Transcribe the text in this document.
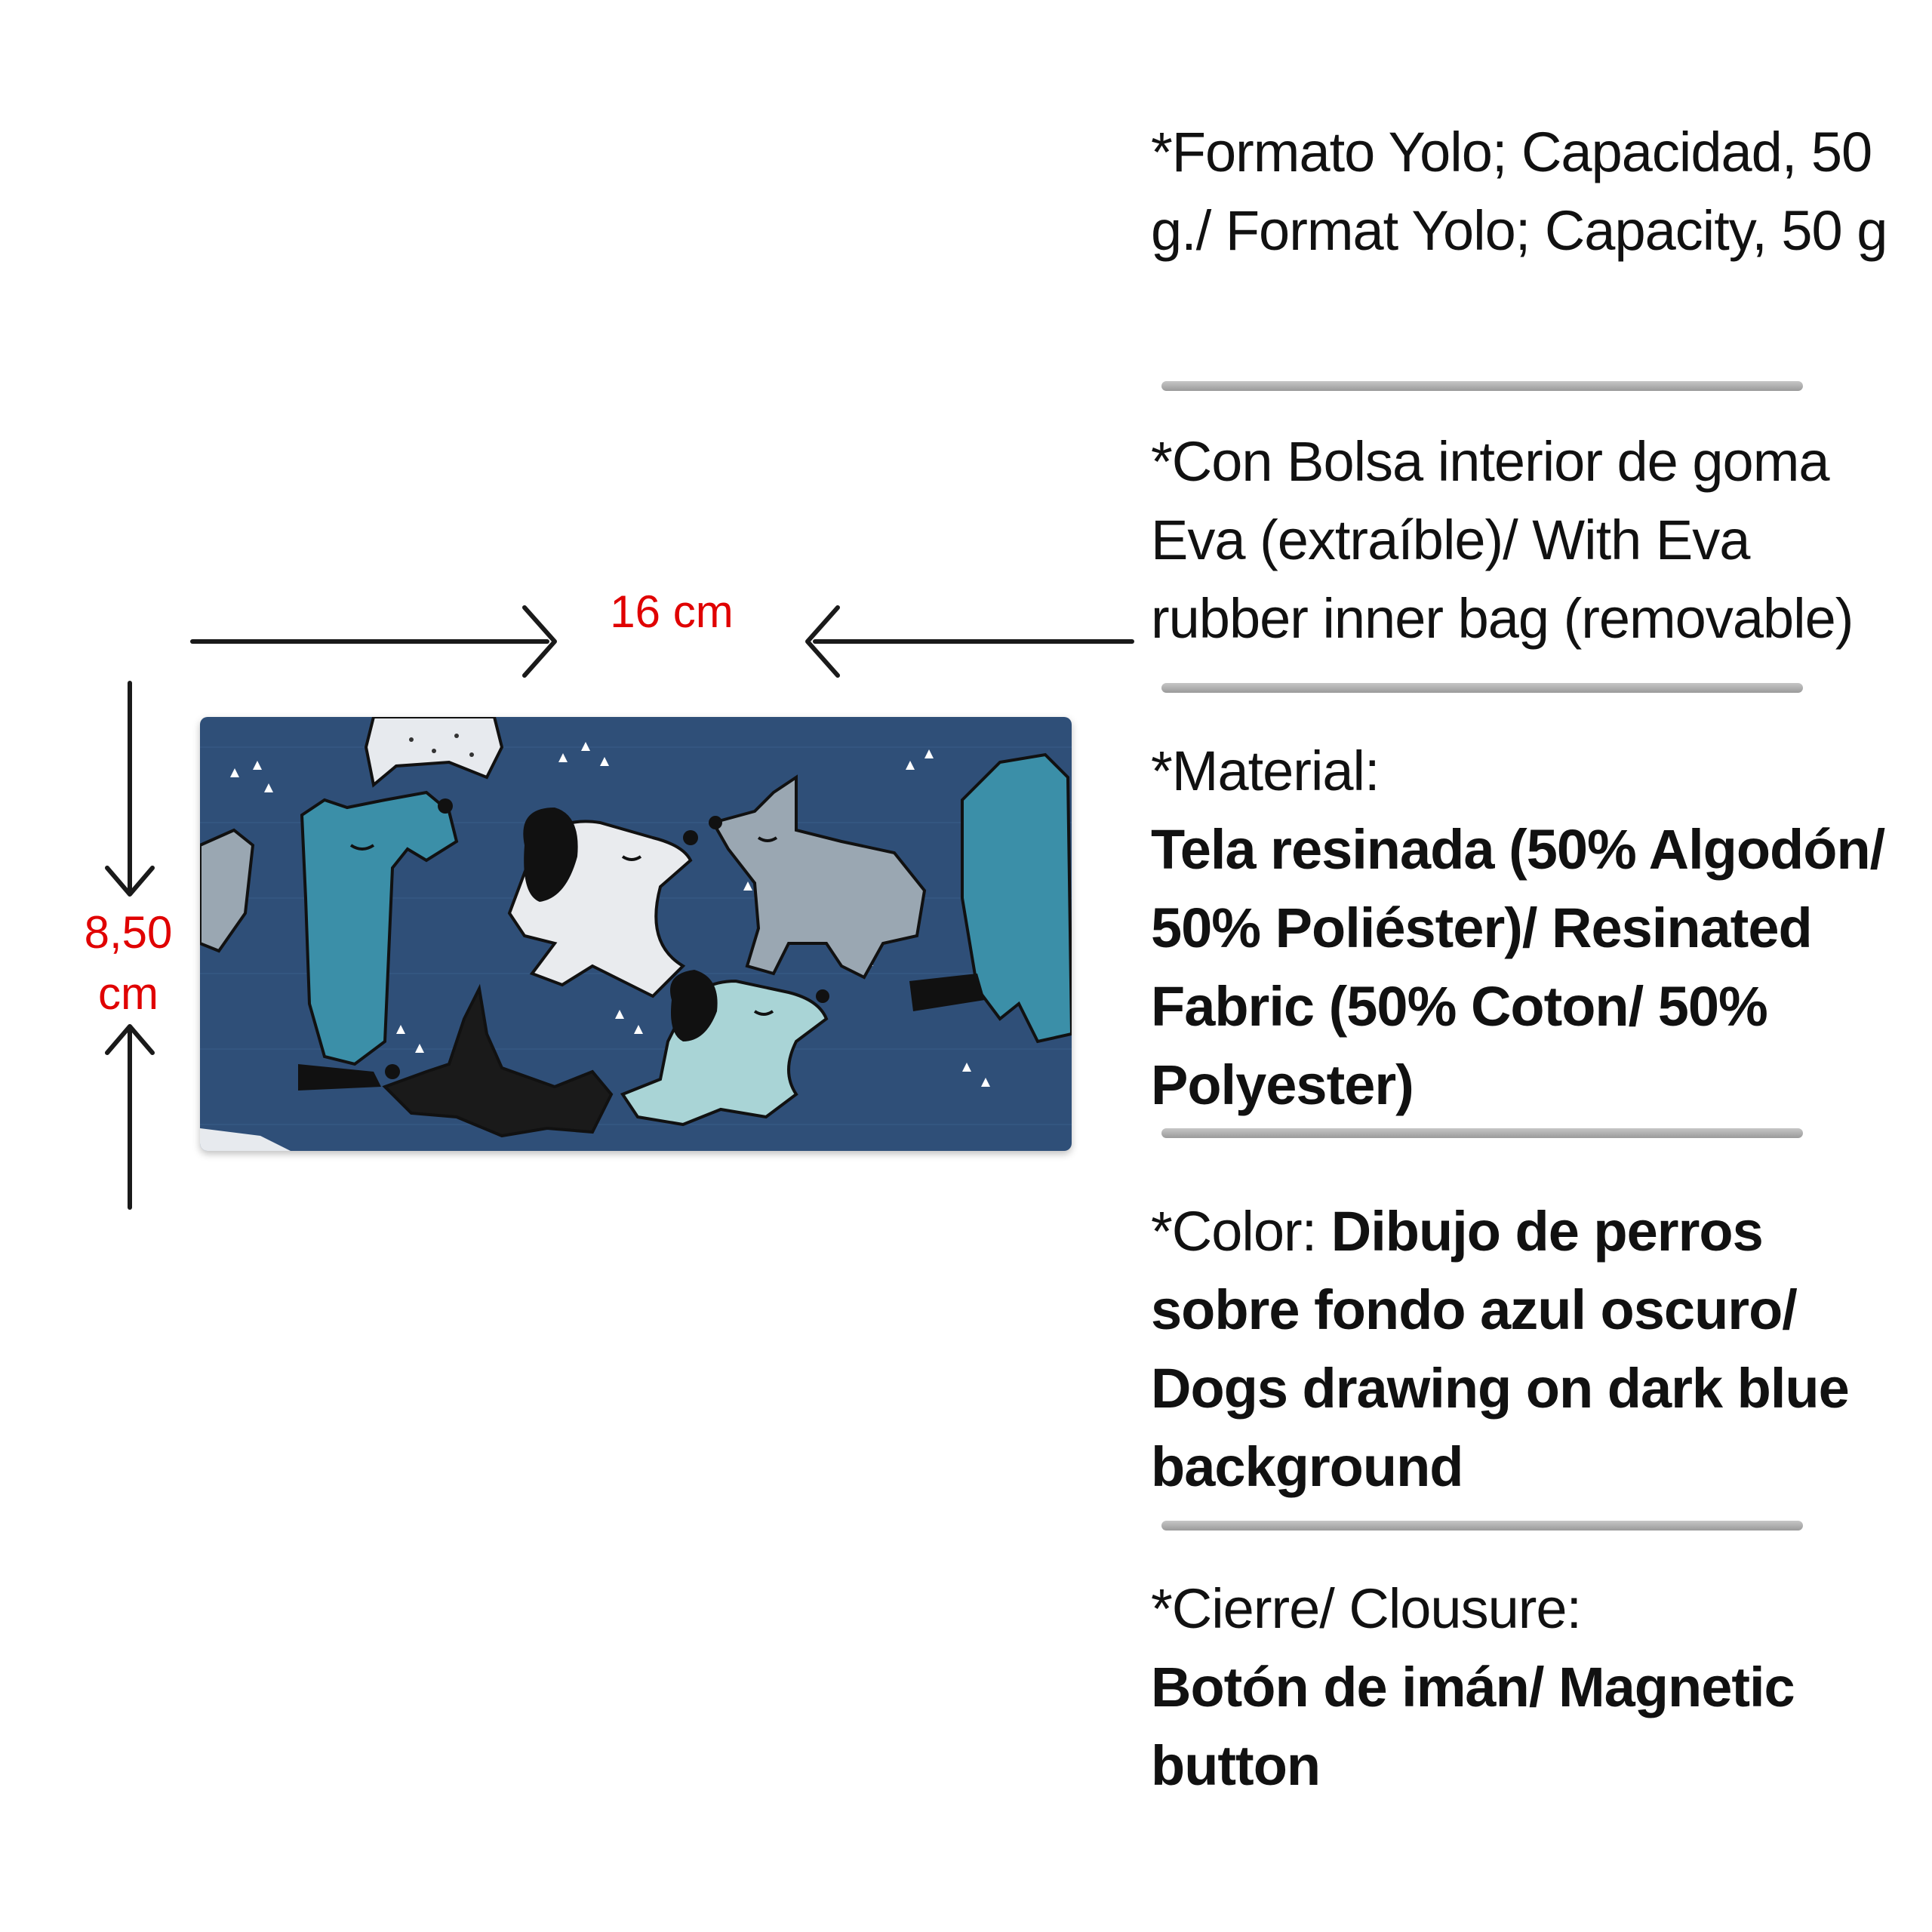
16 cm
8,50
cm
*Formato Yolo; Capacidad, 50 g./ Format Yolo; Capacity, 50 g
*Con Bolsa interior de goma Eva (extraíble)/ With Eva rubber inner bag (removable)
*Material:
Tela resinada (50% Algodón/ 50% Poliéster)/ Resinated Fabric (50% Coton/ 50% Polyester)
*Color: Dibujo de perros sobre fondo azul oscuro/ Dogs drawing on dark blue background
*Cierre/ Clousure:
Botón de imán/ Magnetic button
